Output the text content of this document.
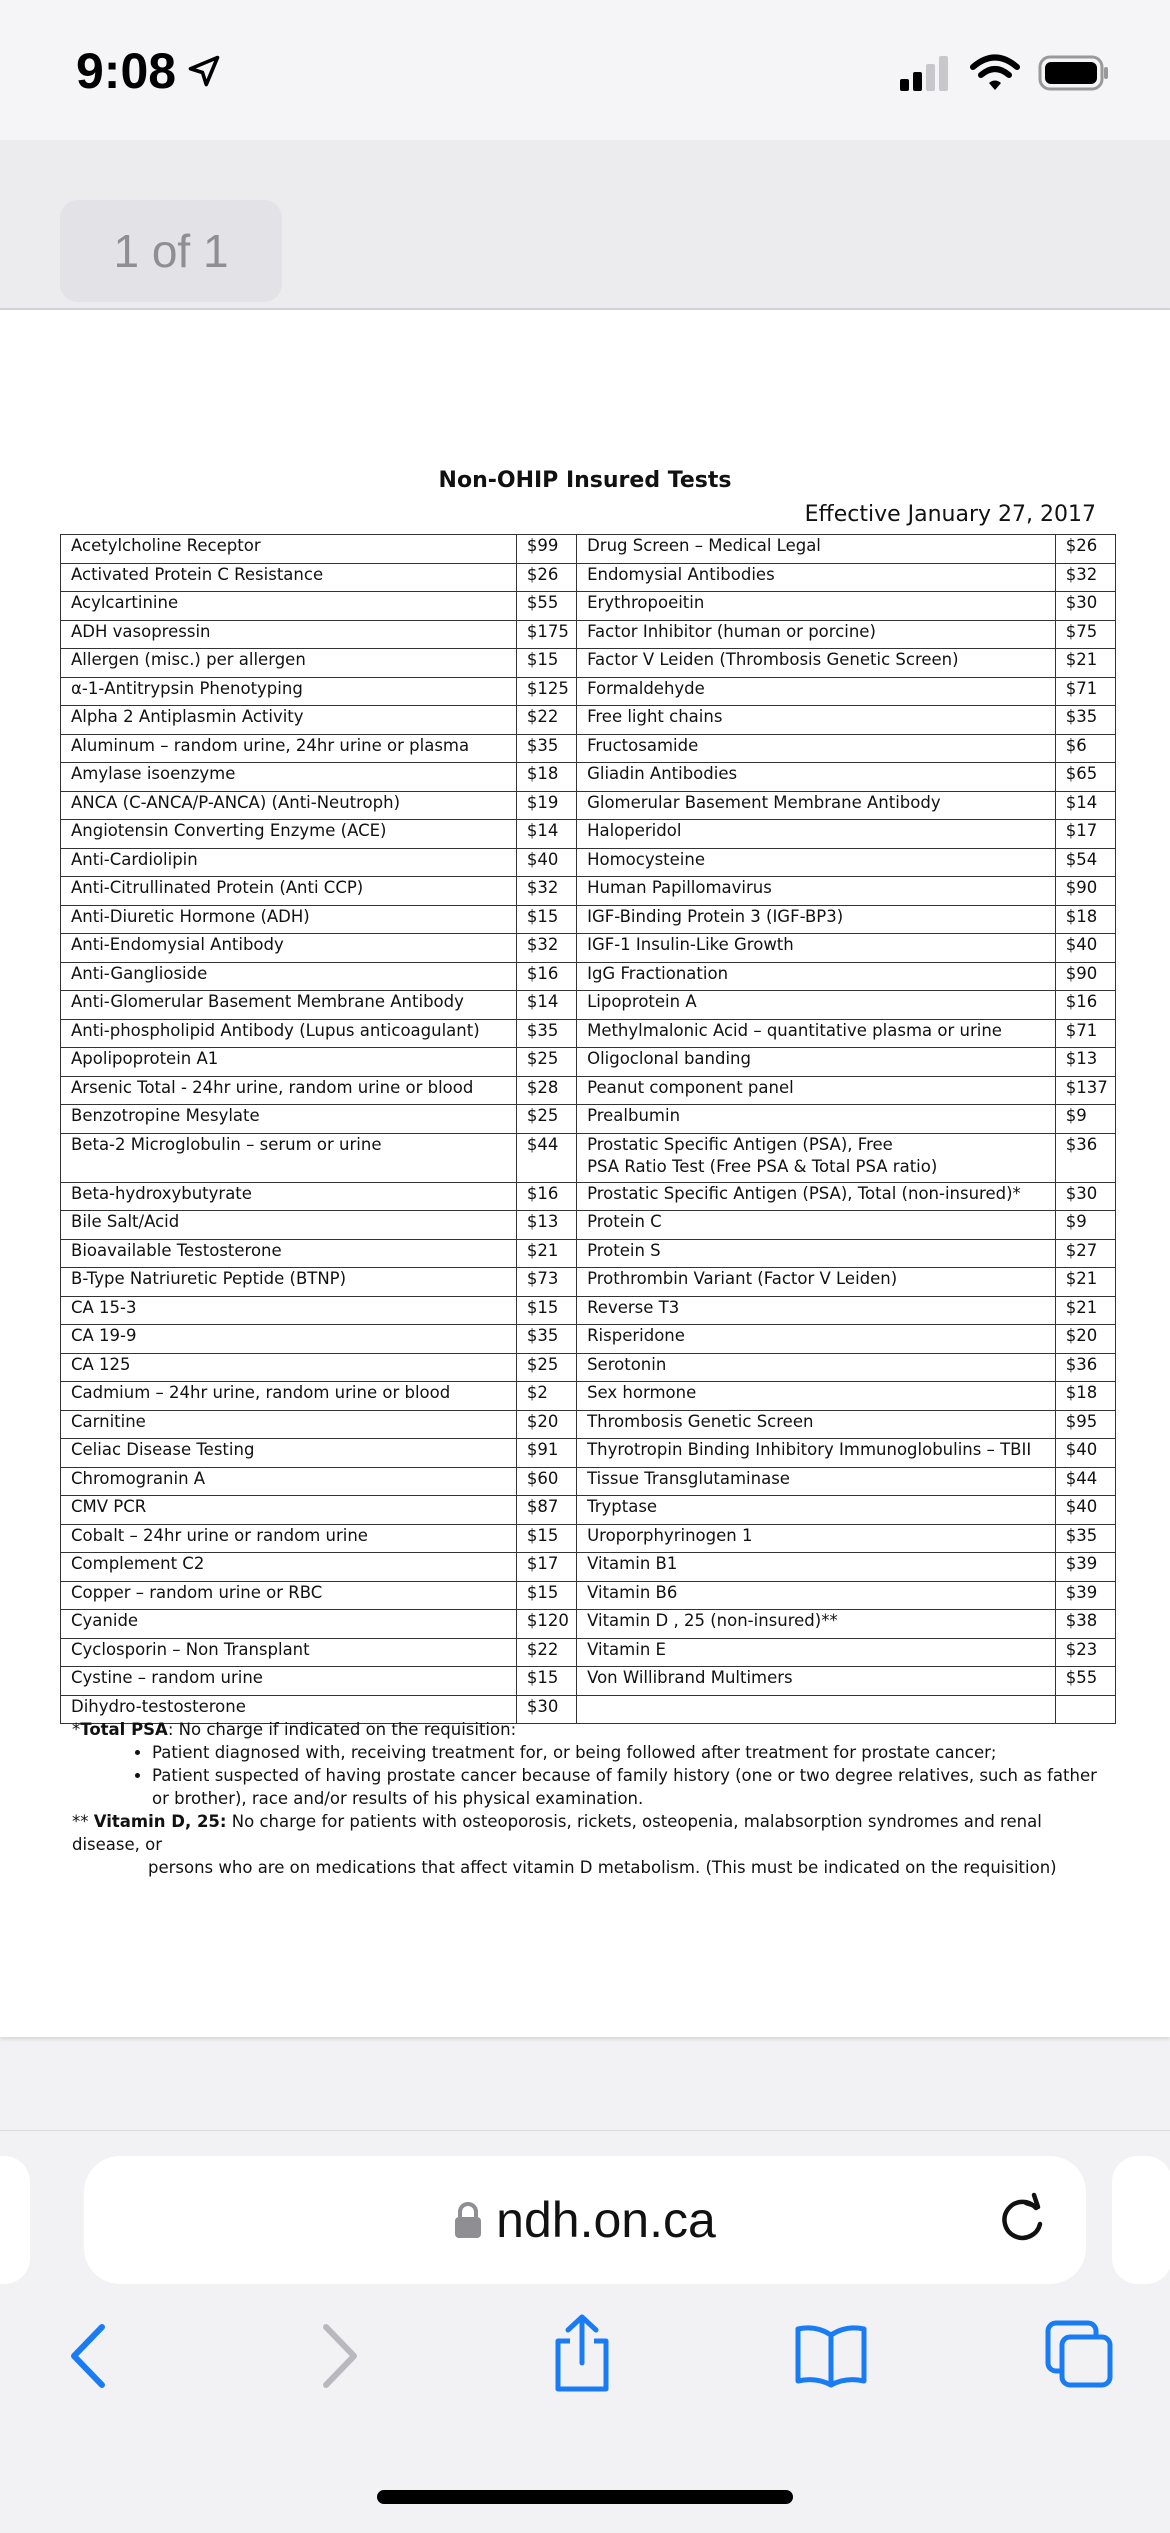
9:08
1 of 1
Non-OHIP Insured Tests
Effective January 27, 2017
Acetylcholine Receptor	$99	Drug Screen – Medical Legal	$26
Activated Protein C Resistance	$26	Endomysial Antibodies	$32
Acylcartinine	$55	Erythropoeitin	$30
ADH vasopressin	$175	Factor Inhibitor (human or porcine)	$75
Allergen (misc.) per allergen	$15	Factor V Leiden (Thrombosis Genetic Screen)	$21
α-1-Antitrypsin Phenotyping	$125	Formaldehyde	$71
Alpha 2 Antiplasmin Activity	$22	Free light chains	$35
Aluminum – random urine, 24hr urine or plasma	$35	Fructosamide	$6
Amylase isoenzyme	$18	Gliadin Antibodies	$65
ANCA (C-ANCA/P-ANCA) (Anti-Neutroph)	$19	Glomerular Basement Membrane Antibody	$14
Angiotensin Converting Enzyme (ACE)	$14	Haloperidol	$17
Anti-Cardiolipin	$40	Homocysteine	$54
Anti-Citrullinated Protein (Anti CCP)	$32	Human Papillomavirus	$90
Anti-Diuretic Hormone (ADH)	$15	IGF-Binding Protein 3 (IGF-BP3)	$18
Anti-Endomysial Antibody	$32	IGF-1 Insulin-Like Growth	$40
Anti-Ganglioside	$16	IgG Fractionation	$90
Anti-Glomerular Basement Membrane Antibody	$14	Lipoprotein A	$16
Anti-phospholipid Antibody (Lupus anticoagulant)	$35	Methylmalonic Acid – quantitative plasma or urine	$71
Apolipoprotein A1	$25	Oligoclonal banding	$13
Arsenic Total - 24hr urine, random urine or blood	$28	Peanut component panel	$137
Benzotropine Mesylate	$25	Prealbumin	$9
Beta-2 Microglobulin – serum or urine	$44	Prostatic Specific Antigen (PSA), Free
PSA Ratio Test (Free PSA & Total PSA ratio)	$36
Beta-hydroxybutyrate	$16	Prostatic Specific Antigen (PSA), Total (non-insured)*	$30
Bile Salt/Acid	$13	Protein C	$9
Bioavailable Testosterone	$21	Protein S	$27
B-Type Natriuretic Peptide (BTNP)	$73	Prothrombin Variant (Factor V Leiden)	$21
CA 15-3	$15	Reverse T3	$21
CA 19-9	$35	Risperidone	$20
CA 125	$25	Serotonin	$36
Cadmium – 24hr urine, random urine or blood	$2	Sex hormone	$18
Carnitine	$20	Thrombosis Genetic Screen	$95
Celiac Disease Testing	$91	Thyrotropin Binding Inhibitory Immunoglobulins – TBII	$40
Chromogranin A	$60	Tissue Transglutaminase	$44
CMV PCR	$87	Tryptase	$40
Cobalt – 24hr urine or random urine	$15	Uroporphyrinogen 1	$35
Complement C2	$17	Vitamin B1	$39
Copper – random urine or RBC	$15	Vitamin B6	$39
Cyanide	$120	Vitamin D , 25 (non-insured)**	$38
Cyclosporin – Non Transplant	$22	Vitamin E	$23
Cystine – random urine	$15	Von Willibrand Multimers	$55
Dihydro-testosterone	$30		
*Total PSA: No charge if indicated on the requisition:
• Patient diagnosed with, receiving treatment for, or being followed after treatment for prostate cancer;
• Patient suspected of having prostate cancer because of family history (one or two degree relatives, such as father or brother), race and/or results of his physical examination.
** Vitamin D, 25: No charge for patients with osteoporosis, rickets, osteopenia, malabsorption syndromes and renal disease, or
persons who are on medications that affect vitamin D metabolism. (This must be indicated on the requisition)
ndh.on.ca
